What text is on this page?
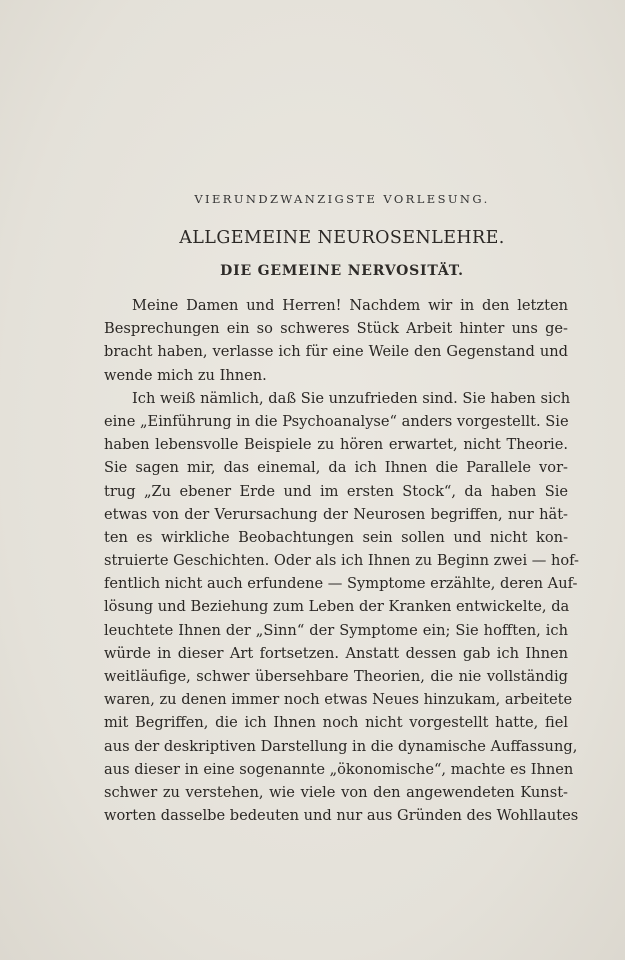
VIERUNDZWANZIGSTE VORLESUNG.
ALLGEMEINE NEUROSENLEHRE.
DIE GEMEINE NERVOSITÄT.
Meine Damen und Herren! Nachdem wir in den letzten
Besprechungen ein so schweres Stück Arbeit hinter uns ge-
bracht haben, verlasse ich für eine Weile den Gegenstand und
wende mich zu Ihnen.
Ich weiß nämlich, daß Sie unzufrieden sind. Sie haben sich
eine „Einführung in die Psychoanalyse“ anders vorgestellt. Sie
haben lebensvolle Beispiele zu hören erwartet, nicht Theorie.
Sie sagen mir, das einemal, da ich Ihnen die Parallele vor-
trug „Zu ebener Erde und im ersten Stock“, da haben Sie
etwas von der Verursachung der Neurosen begriffen, nur hät-
ten es wirkliche Beobachtungen sein sollen und nicht kon-
struierte Geschichten. Oder als ich Ihnen zu Beginn zwei — hof-
fentlich nicht auch erfundene — Symptome erzählte, deren Auf-
lösung und Beziehung zum Leben der Kranken entwickelte, da
leuchtete Ihnen der „Sinn“ der Symptome ein; Sie hofften, ich
würde in dieser Art fortsetzen. Anstatt dessen gab ich Ihnen
weitläufige, schwer übersehbare Theorien, die nie vollständig
waren, zu denen immer noch etwas Neues hinzukam, arbeitete
mit Begriffen, die ich Ihnen noch nicht vorgestellt hatte, fiel
aus der deskriptiven Darstellung in die dynamische Auffassung,
aus dieser in eine sogenannte „ökonomische“, machte es Ihnen
schwer zu verstehen, wie viele von den angewendeten Kunst-
worten dasselbe bedeuten und nur aus Gründen des Wohllautes
